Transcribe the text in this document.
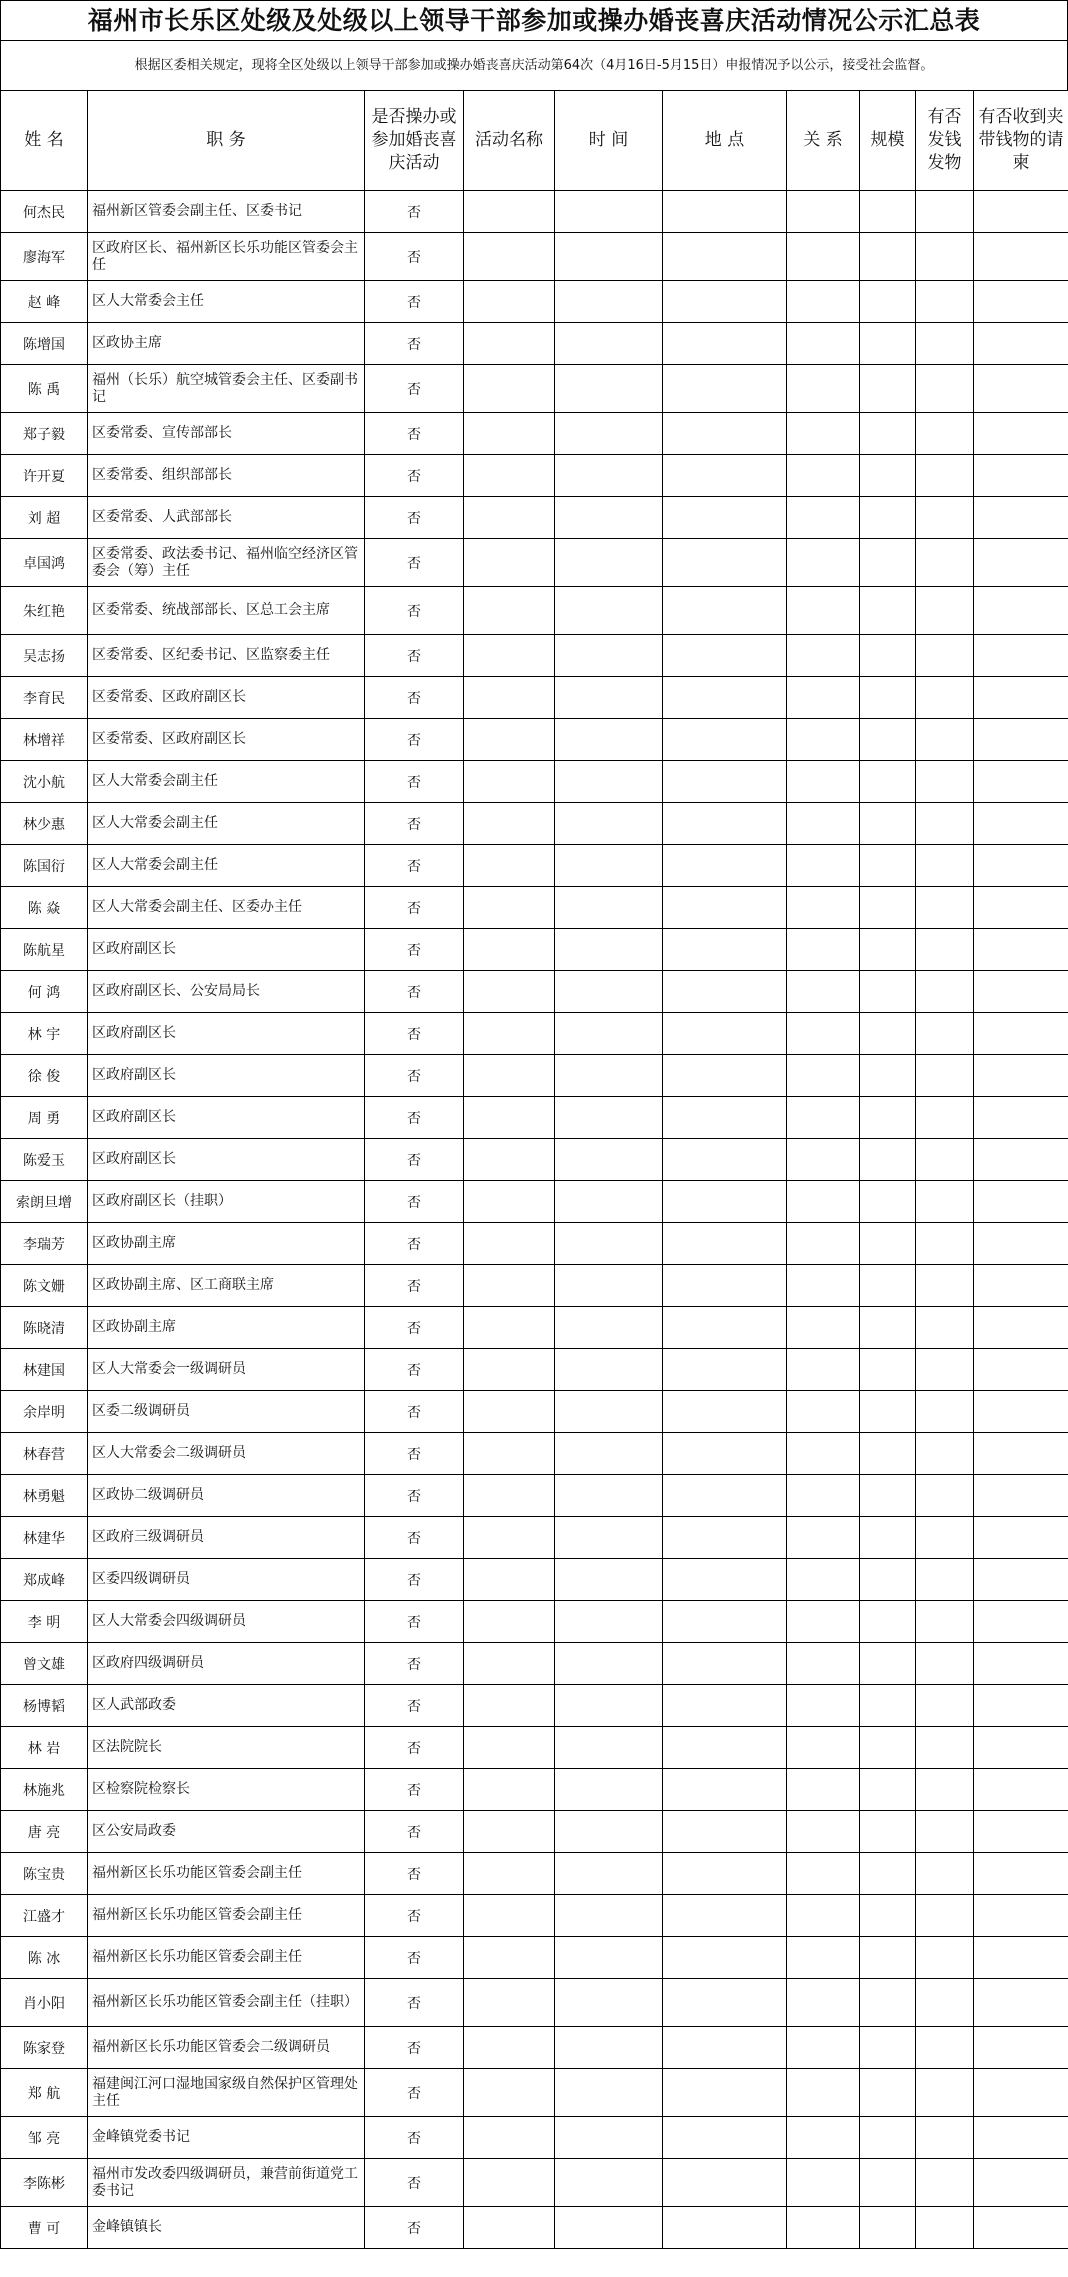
福州市长乐区处级及处级以上领导干部参加或操办婚丧喜庆活动情况公示汇总表
根据区委相关规定，现将全区处级以上领导干部参加或操办婚丧喜庆活动第64次（4月16日-5月15日）申报情况予以公示，接受社会监督。
姓 名	职 务	是否操办或参加婚丧喜庆活动	活动名称	时 间	地 点	关 系	规模	有否发钱发物	有否收到夹带钱物的请柬
何杰民	福州新区管委会副主任、区委书记	否							
廖海军	区政府区长、福州新区长乐功能区管委会主任	否							
赵 峰	区人大常委会主任	否							
陈增国	区政协主席	否							
陈 禹	福州（长乐）航空城管委会主任、区委副书记	否							
郑子毅	区委常委、宣传部部长	否							
许开夏	区委常委、组织部部长	否							
刘 超	区委常委、人武部部长	否							
卓国鸿	区委常委、政法委书记、福州临空经济区管委会（筹）主任	否							
朱红艳	区委常委、统战部部长、区总工会主席	否							
吴志扬	区委常委、区纪委书记、区监察委主任	否							
李育民	区委常委、区政府副区长	否							
林增祥	区委常委、区政府副区长	否							
沈小航	区人大常委会副主任	否							
林少惠	区人大常委会副主任	否							
陈国衍	区人大常委会副主任	否							
陈 焱	区人大常委会副主任、区委办主任	否							
陈航星	区政府副区长	否							
何 鸿	区政府副区长、公安局局长	否							
林 宇	区政府副区长	否							
徐 俊	区政府副区长	否							
周 勇	区政府副区长	否							
陈爱玉	区政府副区长	否							
索朗旦增	区政府副区长（挂职）	否							
李瑞芳	区政协副主席	否							
陈文姗	区政协副主席、区工商联主席	否							
陈晓清	区政协副主席	否							
林建国	区人大常委会一级调研员	否							
余岸明	区委二级调研员	否							
林春营	区人大常委会二级调研员	否							
林勇魁	区政协二级调研员	否							
林建华	区政府三级调研员	否							
郑成峰	区委四级调研员	否							
李 明	区人大常委会四级调研员	否							
曾文雄	区政府四级调研员	否							
杨博韬	区人武部政委	否							
林 岩	区法院院长	否							
林施兆	区检察院检察长	否							
唐 亮	区公安局政委	否							
陈宝贵	福州新区长乐功能区管委会副主任	否							
江盛才	福州新区长乐功能区管委会副主任	否							
陈 冰	福州新区长乐功能区管委会副主任	否							
肖小阳	福州新区长乐功能区管委会副主任（挂职）	否							
陈家登	福州新区长乐功能区管委会二级调研员	否							
郑 航	福建闽江河口湿地国家级自然保护区管理处主任	否							
邹 亮	金峰镇党委书记	否							
李陈彬	福州市发改委四级调研员，兼营前街道党工委书记	否							
曹 可	金峰镇镇长	否							
